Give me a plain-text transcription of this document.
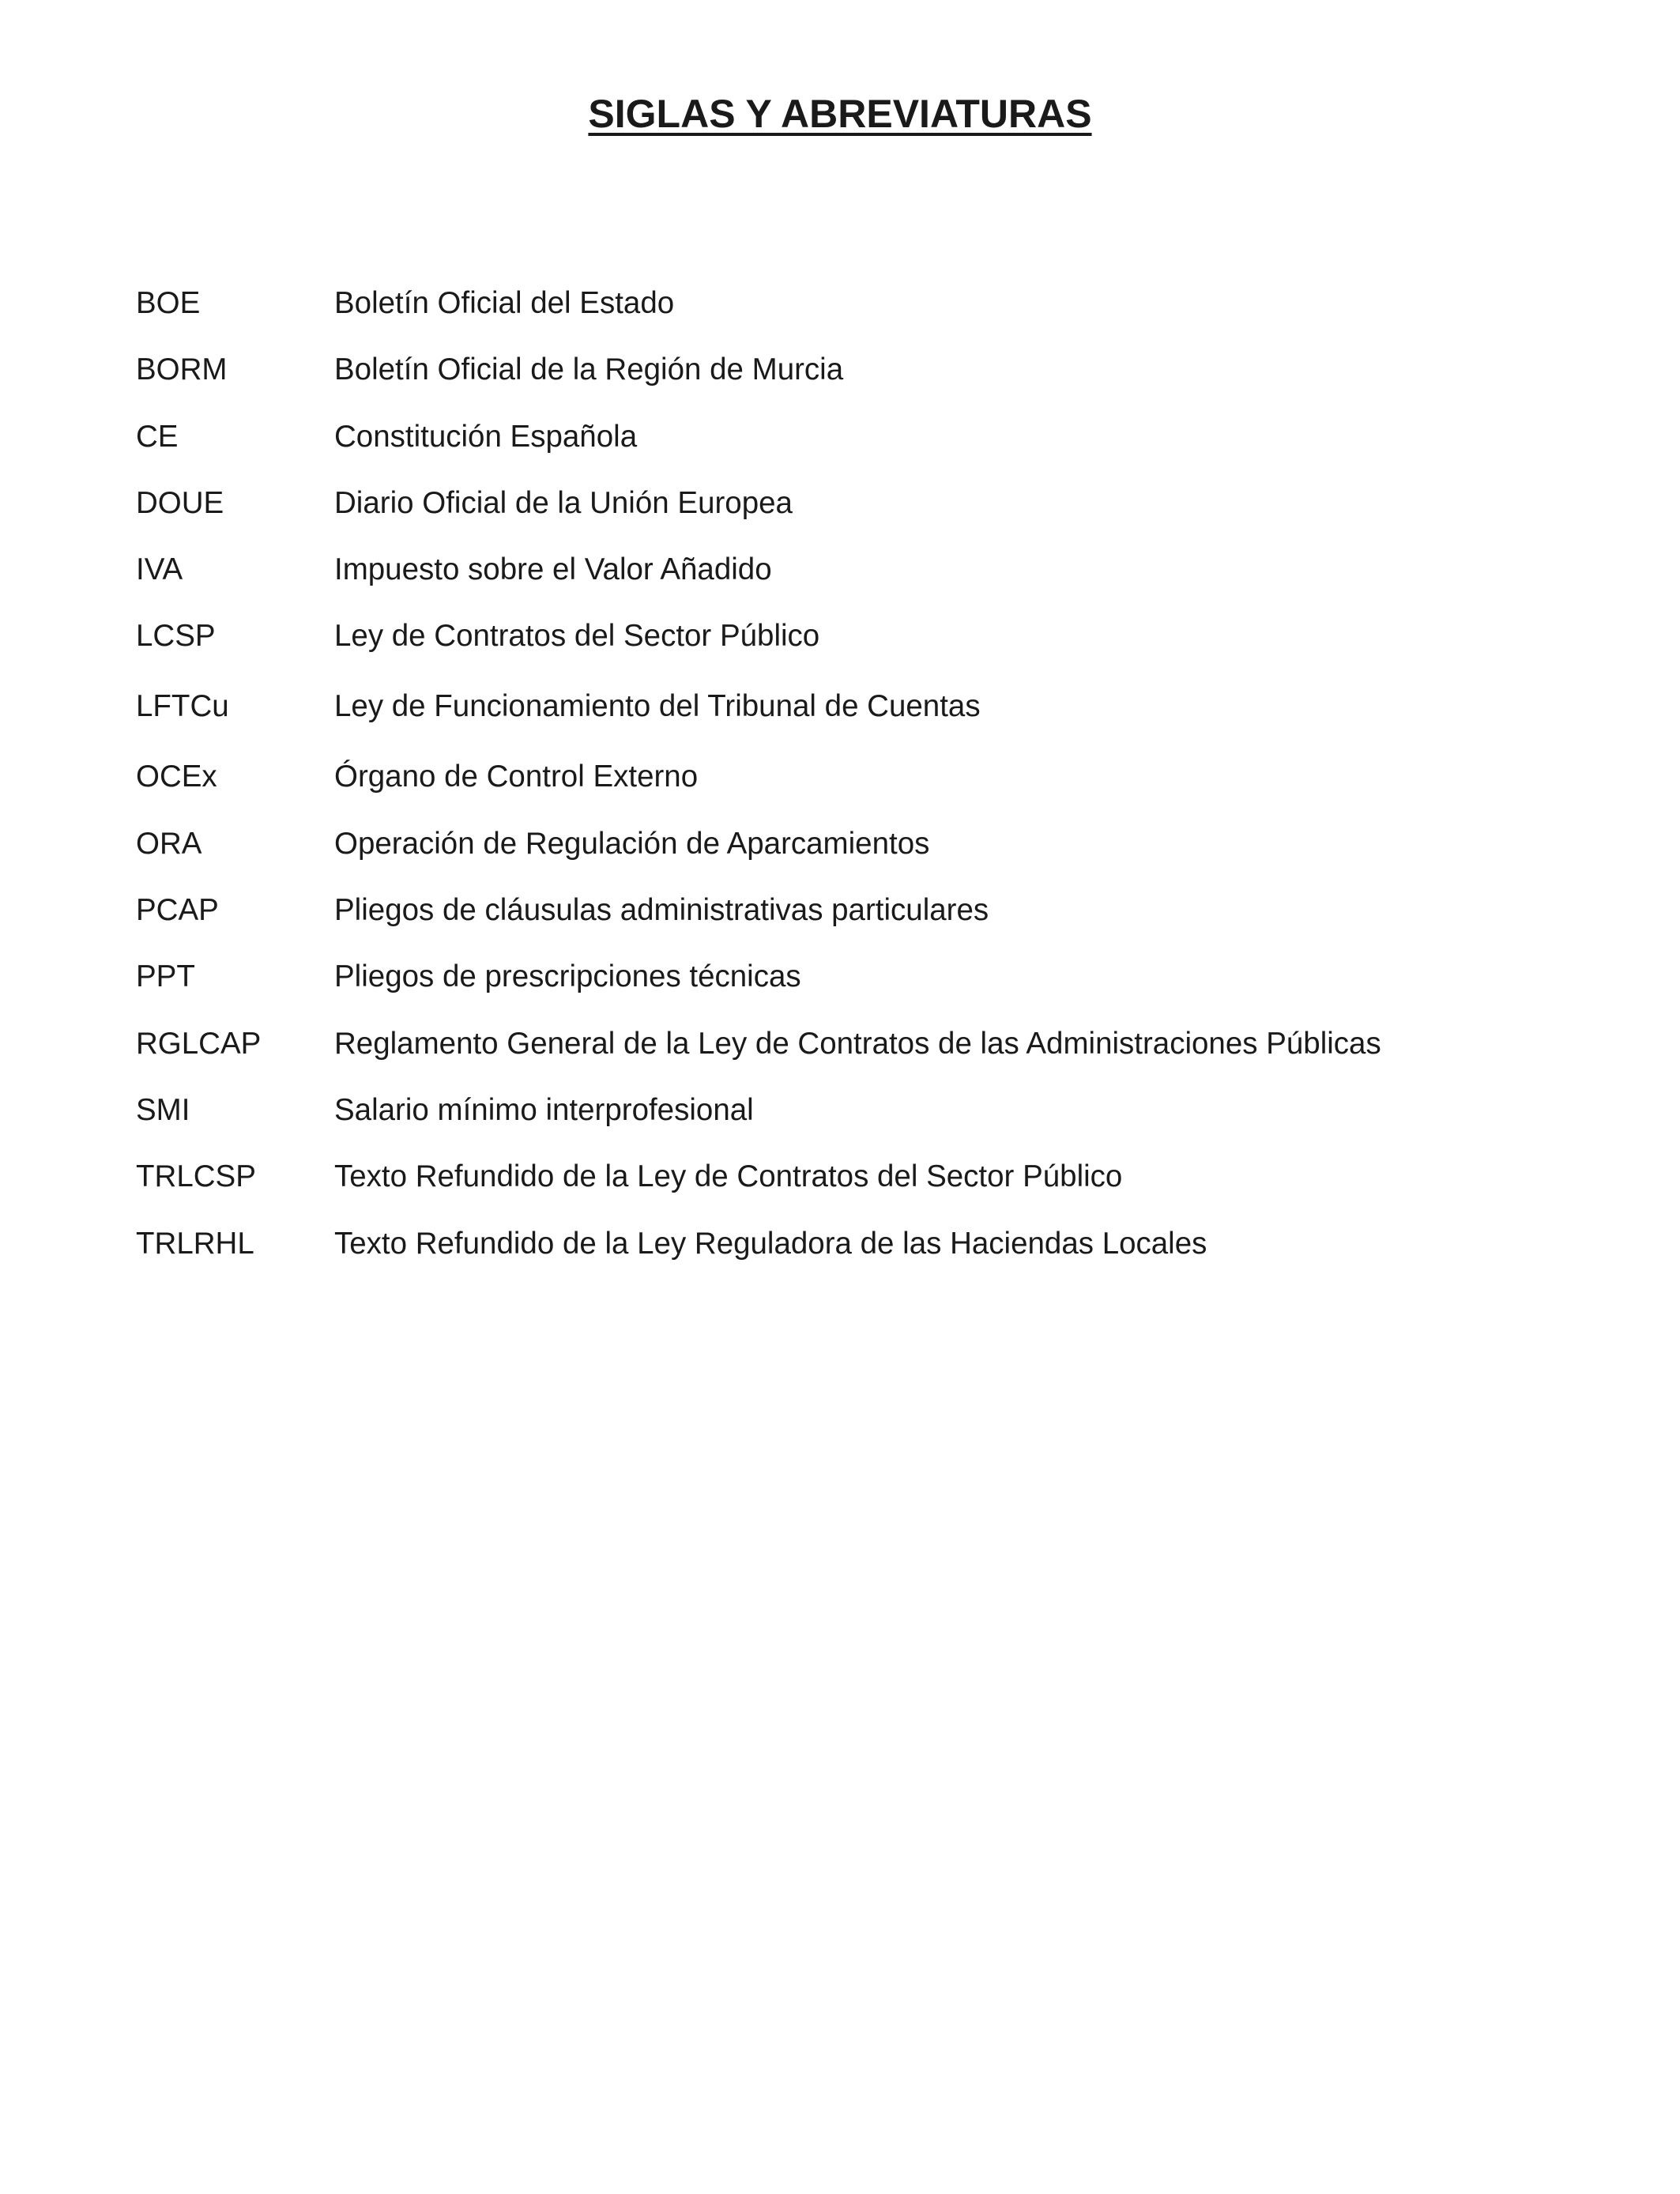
SIGLAS Y ABREVIATURAS
BOE	Boletín Oficial del Estado
BORM	Boletín Oficial de la Región de Murcia
CE	Constitución Española
DOUE	Diario Oficial de la Unión Europea
IVA	Impuesto sobre el Valor Añadido
LCSP	Ley de Contratos del Sector Público
LFTCu	Ley de Funcionamiento del Tribunal de Cuentas
OCEx	Órgano de Control Externo
ORA	Operación de Regulación de Aparcamientos
PCAP	Pliegos de cláusulas administrativas particulares
PPT	Pliegos de prescripciones técnicas
RGLCAP Reglamento General de la Ley de Contratos de las Administraciones Públicas
SMI	Salario mínimo interprofesional
TRLCSP	Texto Refundido de la Ley de Contratos del Sector Público
TRLRHL	Texto Refundido de la Ley Reguladora de las Haciendas Locales
